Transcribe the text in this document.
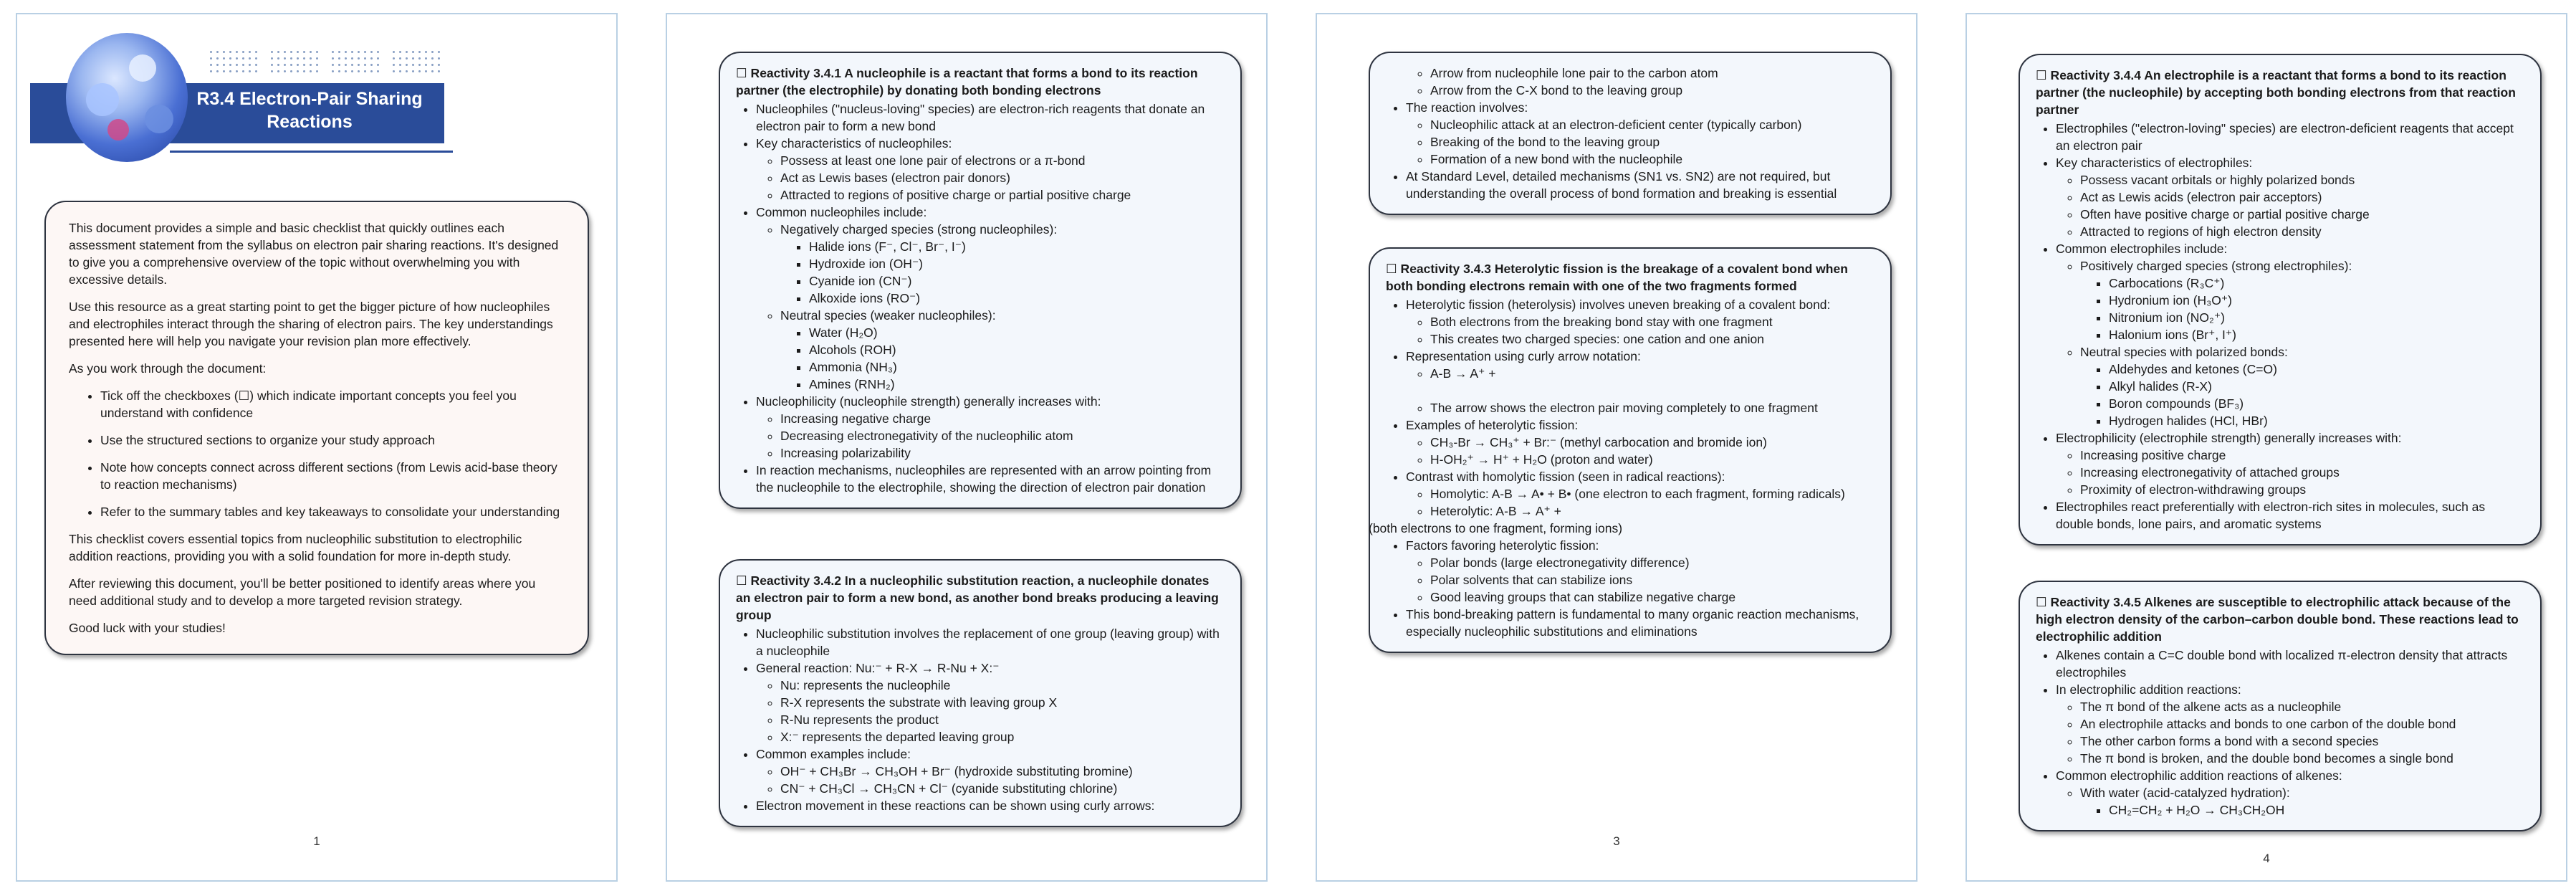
R3.4 Electron-Pair Sharing Reactions

This document provides a simple and basic checklist that quickly outlines each assessment statement from the syllabus on electron pair sharing reactions. It's designed to give you a comprehensive overview of the topic without overwhelming you with excessive details.

Use this resource as a great starting point to get the bigger picture of how nucleophiles and electrophiles interact through the sharing of electron pairs. The key understandings presented here will help you navigate your revision plan more effectively.

As you work through the document:

• Tick off the checkboxes (☐) which indicate important concepts you feel you understand with confidence
• Use the structured sections to organize your study approach
• Note how concepts connect across different sections (from Lewis acid-base theory to reaction mechanisms)
• Refer to the summary tables and key takeaways to consolidate your understanding

This checklist covers essential topics from nucleophilic substitution to electrophilic addition reactions, providing you with a solid foundation for more in-depth study.

After reviewing this document, you'll be better positioned to identify areas where you need additional study and to develop a more targeted revision strategy.

Good luck with your studies!

1
☐ Reactivity 3.4.1 A nucleophile is a reactant that forms a bond to its reaction partner (the electrophile) by donating both bonding electrons
• Nucleophiles ("nucleus-loving" species) are electron-rich reagents that donate an electron pair to form a new bond
• Key characteristics of nucleophiles:
◦ Possess at least one lone pair of electrons or a π-bond
◦ Act as Lewis bases (electron pair donors)
◦ Attracted to regions of positive charge or partial positive charge
• Common nucleophiles include:
◦ Negatively charged species (strong nucleophiles):
▪ Halide ions (F⁻, Cl⁻, Br⁻, I⁻)
▪ Hydroxide ion (OH⁻)
▪ Cyanide ion (CN⁻)
▪ Alkoxide ions (RO⁻)
◦ Neutral species (weaker nucleophiles):
▪ Water (H₂O)
▪ Alcohols (ROH)
▪ Ammonia (NH₃)
▪ Amines (RNH₂)
• Nucleophilicity (nucleophile strength) generally increases with:
◦ Increasing negative charge
◦ Decreasing electronegativity of the nucleophilic atom
◦ Increasing polarizability
• In reaction mechanisms, nucleophiles are represented with an arrow pointing from the nucleophile to the electrophile, showing the direction of electron pair donation
☐ Reactivity 3.4.2 In a nucleophilic substitution reaction, a nucleophile donates an electron pair to form a new bond, as another bond breaks producing a leaving group
• Nucleophilic substitution involves the replacement of one group (leaving group) with a nucleophile
• General reaction: Nu:⁻ + R-X → R-Nu + X:⁻
◦ Nu: represents the nucleophile
◦ R-X represents the substrate with leaving group X
◦ R-Nu represents the product
◦ X:⁻ represents the departed leaving group
• Common examples include:
◦ OH⁻ + CH₃Br → CH₃OH + Br⁻ (hydroxide substituting bromine)
◦ CN⁻ + CH₃Cl → CH₃CN + Cl⁻ (cyanide substituting chlorine)
• Electron movement in these reactions can be shown using curly arrows:
◦ Arrow from nucleophile lone pair to the carbon atom
◦ Arrow from the C-X bond to the leaving group
• The reaction involves:
◦ Nucleophilic attack at an electron-deficient center (typically carbon)
◦ Breaking of the bond to the leaving group
◦ Formation of a new bond with the nucleophile
• At Standard Level, detailed mechanisms (SN1 vs. SN2) are not required, but understanding the overall process of bond formation and breaking is essential
☐ Reactivity 3.4.3 Heterolytic fission is the breakage of a covalent bond when both bonding electrons remain with one of the two fragments formed
• Heterolytic fission (heterolysis) involves uneven breaking of a covalent bond:
◦ Both electrons from the breaking bond stay with one fragment
◦ This creates two charged species: one cation and one anion
• Representation using curly arrow notation:
◦ A-B → A⁺ +
◦ The arrow shows the electron pair moving completely to one fragment
• Examples of heterolytic fission:
◦ CH₃-Br → CH₃⁺ + Br:⁻ (methyl carbocation and bromide ion)
◦ H-OH₂⁺ → H⁺ + H₂O (proton and water)
• Contrast with homolytic fission (seen in radical reactions):
◦ Homolytic: A-B → A• + B• (one electron to each fragment, forming radicals)
◦ Heterolytic: A-B → A⁺ +
(both electrons to one fragment, forming ions)
• Factors favoring heterolytic fission:
◦ Polar bonds (large electronegativity difference)
◦ Polar solvents that can stabilize ions
◦ Good leaving groups that can stabilize negative charge
• This bond-breaking pattern is fundamental to many organic reaction mechanisms, especially nucleophilic substitutions and eliminations
3
☐ Reactivity 3.4.4 An electrophile is a reactant that forms a bond to its reaction partner (the nucleophile) by accepting both bonding electrons from that reaction partner
• Electrophiles ("electron-loving" species) are electron-deficient reagents that accept an electron pair
• Key characteristics of electrophiles:
◦ Possess vacant orbitals or highly polarized bonds
◦ Act as Lewis acids (electron pair acceptors)
◦ Often have positive charge or partial positive charge
◦ Attracted to regions of high electron density
• Common electrophiles include:
◦ Positively charged species (strong electrophiles):
▪ Carbocations (R₃C⁺)
▪ Hydronium ion (H₃O⁺)
▪ Nitronium ion (NO₂⁺)
▪ Halonium ions (Br⁺, I⁺)
◦ Neutral species with polarized bonds:
▪ Aldehydes and ketones (C=O)
▪ Alkyl halides (R-X)
▪ Boron compounds (BF₃)
▪ Hydrogen halides (HCl, HBr)
• Electrophilicity (electrophile strength) generally increases with:
◦ Increasing positive charge
◦ Increasing electronegativity of attached groups
◦ Proximity of electron-withdrawing groups
• Electrophiles react preferentially with electron-rich sites in molecules, such as double bonds, lone pairs, and aromatic systems
☐ Reactivity 3.4.5 Alkenes are susceptible to electrophilic attack because of the high electron density of the carbon–carbon double bond. These reactions lead to electrophilic addition
• Alkenes contain a C=C double bond with localized π-electron density that attracts electrophiles
• In electrophilic addition reactions:
◦ The π bond of the alkene acts as a nucleophile
◦ An electrophile attacks and bonds to one carbon of the double bond
◦ The other carbon forms a bond with a second species
◦ The π bond is broken, and the double bond becomes a single bond
• Common electrophilic addition reactions of alkenes:
◦ With water (acid-catalyzed hydration):
▪ CH₂=CH₂ + H₂O → CH₃CH₂OH
4
